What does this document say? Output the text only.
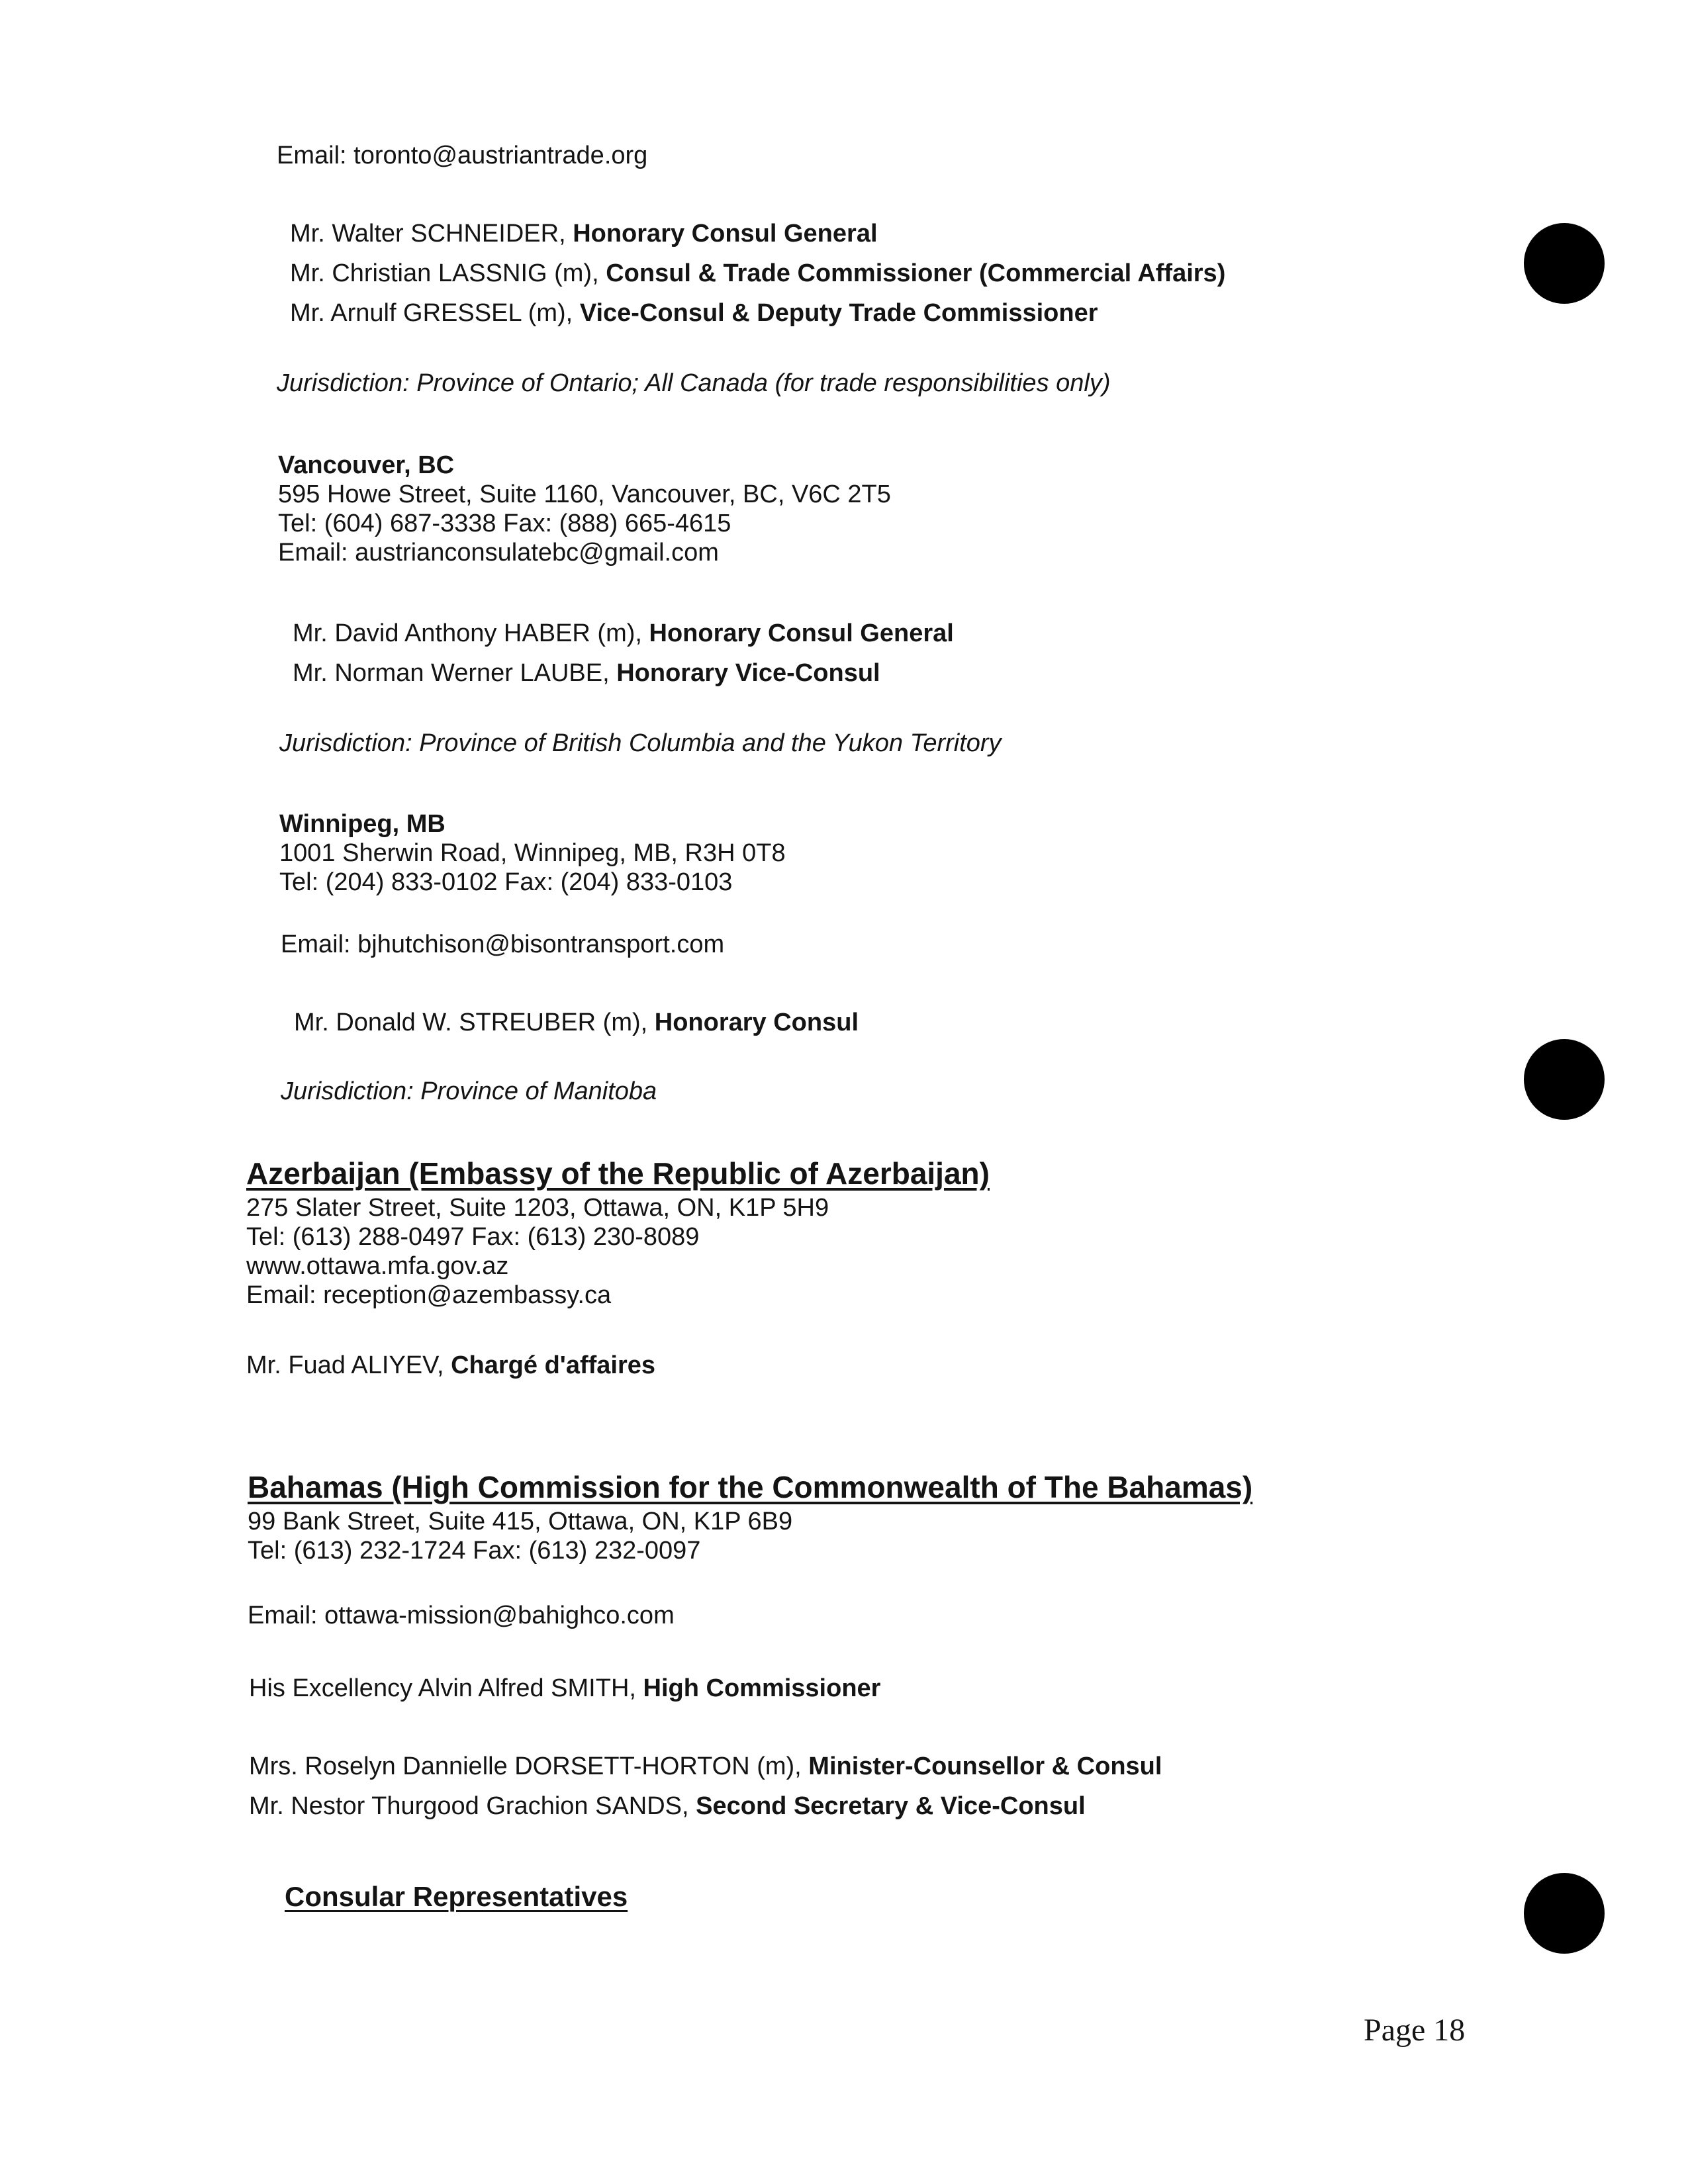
Email: toronto@austriantrade.org
Mr. Walter SCHNEIDER, Honorary Consul General
Mr. Christian LASSNIG (m), Consul & Trade Commissioner (Commercial Affairs)
Mr. Arnulf GRESSEL (m), Vice-Consul & Deputy Trade Commissioner
Jurisdiction: Province of Ontario; All Canada (for trade responsibilities only)
Vancouver, BC
595 Howe Street, Suite 1160, Vancouver, BC, V6C 2T5
Tel: (604) 687-3338 Fax: (888) 665-4615
Email: austrianconsulatebc@gmail.com
Mr. David Anthony HABER (m), Honorary Consul General
Mr. Norman Werner LAUBE, Honorary Vice-Consul
Jurisdiction: Province of British Columbia and the Yukon Territory
Winnipeg, MB
1001 Sherwin Road, Winnipeg, MB, R3H 0T8
Tel: (204) 833-0102 Fax: (204) 833-0103
Email: bjhutchison@bisontransport.com
Mr. Donald W. STREUBER (m), Honorary Consul
Jurisdiction: Province of Manitoba
Azerbaijan (Embassy of the Republic of Azerbaijan)
275 Slater Street, Suite 1203, Ottawa, ON, K1P 5H9
Tel: (613) 288-0497 Fax: (613) 230-8089
www.ottawa.mfa.gov.az
Email: reception@azembassy.ca
Mr. Fuad ALIYEV, Chargé d'affaires
Bahamas (High Commission for the Commonwealth of The Bahamas)
99 Bank Street, Suite 415, Ottawa, ON, K1P 6B9
Tel: (613) 232-1724 Fax: (613) 232-0097
Email: ottawa-mission@bahighco.com
His Excellency Alvin Alfred SMITH, High Commissioner
Mrs. Roselyn Dannielle DORSETT-HORTON (m), Minister-Counsellor & Consul
Mr. Nestor Thurgood Grachion SANDS, Second Secretary & Vice-Consul
Consular Representatives
Page 18
